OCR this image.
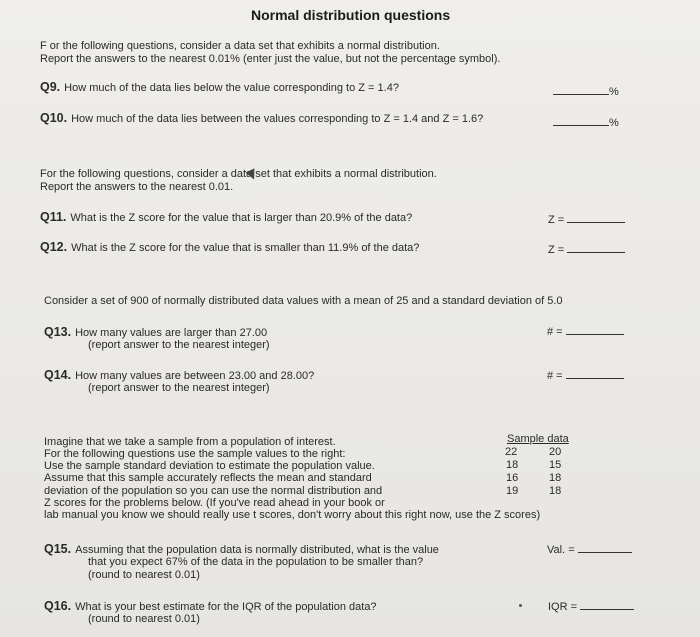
Normal distribution questions
F or the following questions, consider a data set that exhibits a normal distribution.
Report the answers to the nearest 0.01% (enter just the value, but not the percentage symbol).
Q9. How much of the data lies below the value corresponding to Z = 1.4?	%
Q10. How much of the data lies between the values corresponding to Z = 1.4 and Z = 1.6?	%
For the following questions, consider a data set that exhibits a normal distribution.
Report the answers to the nearest 0.01.
Q11. What is the Z score for the value that is larger than 20.9% of the data?	Z =
Q12. What is the Z score for the value that is smaller than 11.9% of the data?	Z =
Consider a set of 900 of normally distributed data values with a mean of 25 and a standard deviation of 5.0
Q13. How many values are larger than 27.00
(report answer to the nearest integer)
# =
Q14. How many values are between 23.00 and 28.00?
(report answer to the nearest integer)
# =
Imagine that we take a sample from a population of interest.
For the following questions use the sample values to the right:
Use the sample standard deviation to estimate the population value.
Assume that this sample accurately reflects the mean and standard
deviation of the population so you can use the normal distribution and
Z scores for the problems below. (If you've read ahead in your book or
lab manual you know we should really use t scores, don't worry about this right now, use the Z scores)
Sample data
22	20
18	15
16	18
19	18
Q15. Assuming that the population data is normally distributed, what is the value
that you expect 67% of the data in the population to be smaller than?
(round to nearest 0.01)
Val. =
Q16. What is your best estimate for the IQR of the population data?
(round to nearest 0.01)
IQR =
